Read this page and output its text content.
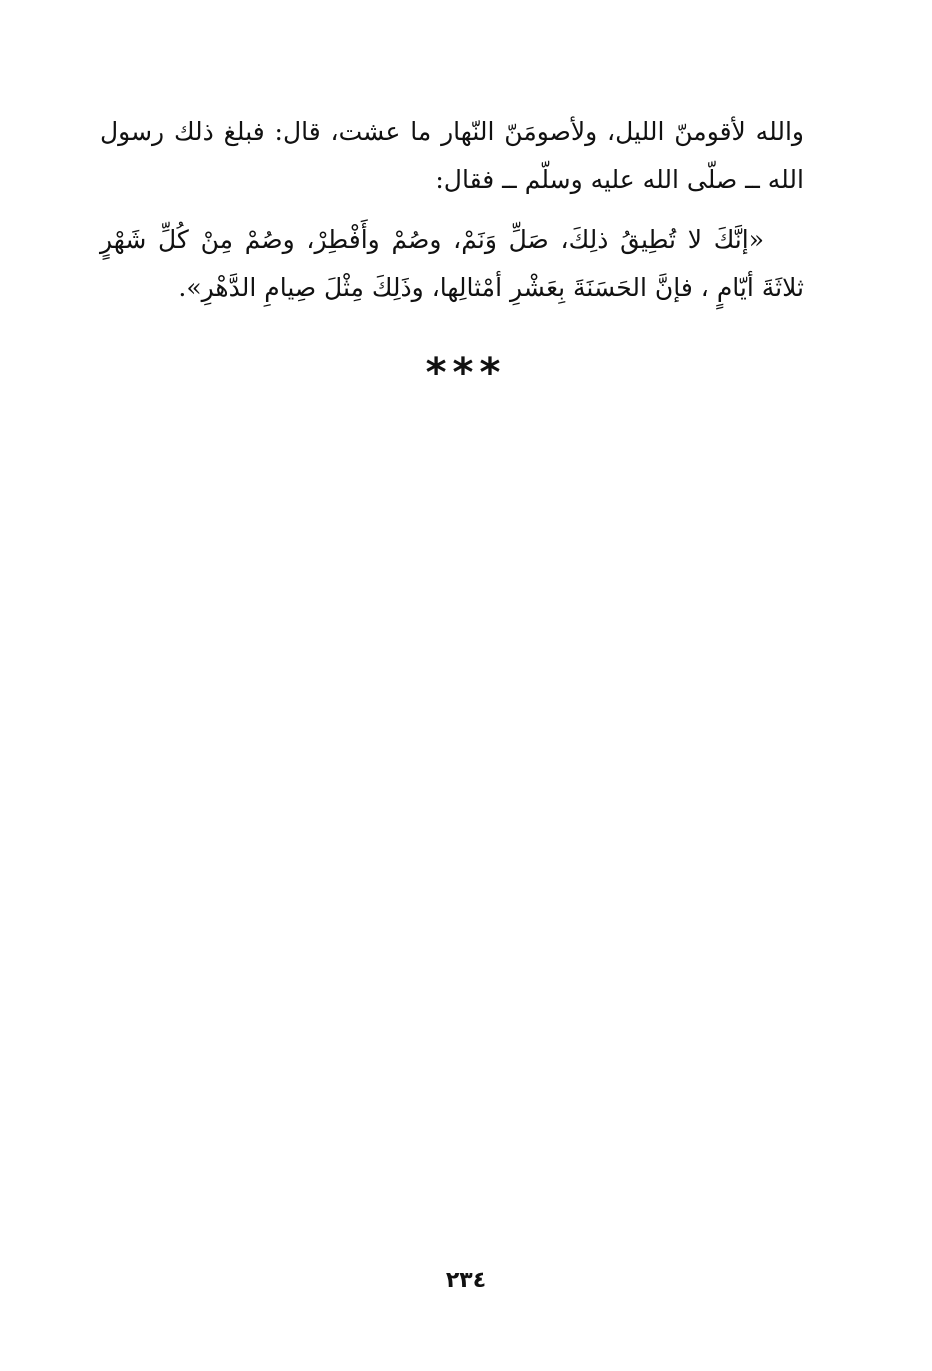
والله لأقومنّ الليل، ولأصومَنّ النّهار ما عشت، قال: فبلغ ذلك رسول الله ــ صلّى الله عليه وسلّم ــ فقال:

«إنَّكَ لا تُطِيقُ ذلِكَ، صَلِّ وَنَمْ، وصُمْ وأَفْطِرْ، وصُمْ مِنْ كُلِّ شَهْرٍ ثلاثَةَ أيّامٍ ، فإنَّ الحَسَنَةَ بِعَشْرِ أمْثالِها، وذَلِكَ مِثْلَ صِيامِ الدَّهْرِ».

***
٢٣٤
